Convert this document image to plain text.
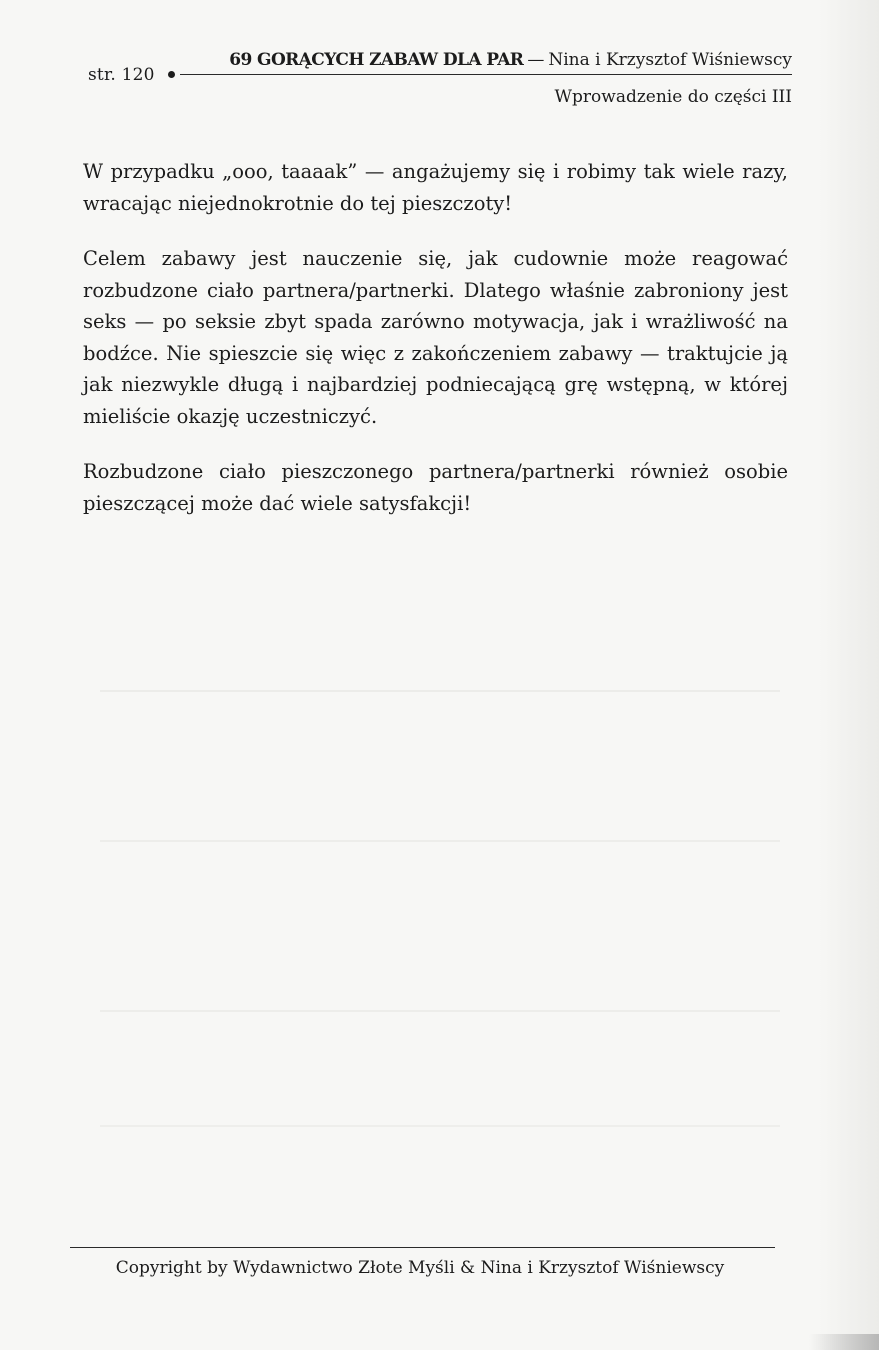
str. 120
69 GORĄCYCH ZABAW DLA PAR — Nina i Krzysztof Wiśniewscy
Wprowadzenie do części III

W przypadku „ooo, taaaak” — angażujemy się i robimy tak wiele razy, wracając niejednokrotnie do tej pieszczoty!

Celem zabawy jest nauczenie się, jak cudownie może reagować rozbudzone ciało partnera/partnerki. Dlatego właśnie zabroniony jest seks — po seksie zbyt spada zarówno motywacja, jak i wrażliwość na bodźce. Nie spieszcie się więc z zakończeniem zabawy — traktujcie ją jak niezwykle długą i najbardziej podniecającą grę wstępną, w której mieliście okazję uczestniczyć.

Rozbudzone ciało pieszczonego partnera/partnerki również osobie pieszczącej może dać wiele satysfakcji!

Copyright by Wydawnictwo Złote Myśli & Nina i Krzysztof Wiśniewscy
